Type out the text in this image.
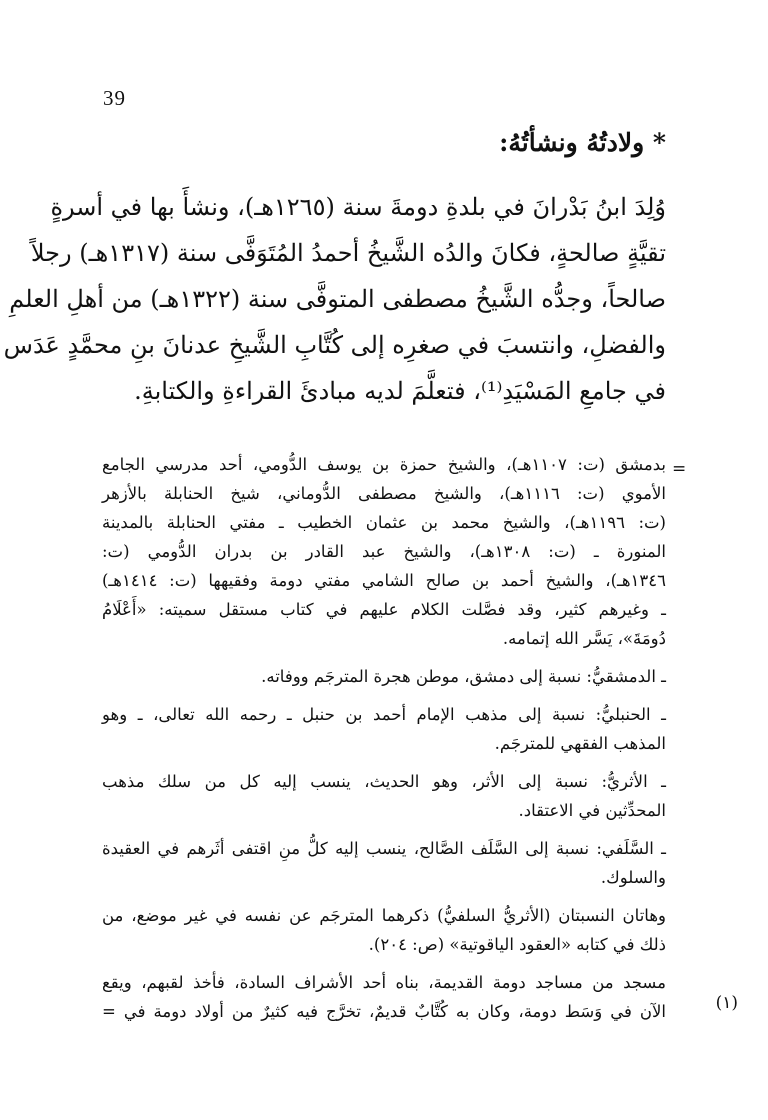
39
* ولادتُهُ ونشأتُهُ:
وُلِدَ ابنُ بَدْرانَ في بلدةِ دومةَ سنة (١٢٦٥هـ)، ونشأَ بها في أسرةٍ
تقيَّةٍ صالحةٍ، فكانَ والدُه الشَّيخُ أحمدُ المُتَوَفَّى سنة (١٣١٧هـ) رجلاً
صالحاً، وجدُّه الشَّيخُ مصطفى المتوفَّى سنة (١٣٢٢هـ) من أهلِ العلمِ
والفضلِ، وانتسبَ في صغرِه إلى كُتَّابِ الشَّيخِ عدنانَ بنِ محمَّدٍ عَدَس
في جامعِ المَسْيَدِ⁽¹⁾، فتعلَّمَ لديه مبادئَ القراءةِ والكتابةِ.
=
بدمشق (ت: ١١٠٧هـ)، والشيخ حمزة بن يوسف الدُّومي، أحد مدرسي الجامع
الأموي (ت: ١١١٦هـ)، والشيخ مصطفى الدُّوماني، شيخ الحنابلة بالأزهر
(ت: ١١٩٦هـ)، والشيخ محمد بن عثمان الخطيب ـ مفتي الحنابلة بالمدينة
المنورة ـ (ت: ١٣٠٨هـ)، والشيخ عبد القادر بن بدران الدُّومي (ت:
١٣٤٦هـ)، والشيخ أحمد بن صالح الشامي مفتي دومة وفقيهها (ت: ١٤١٤هـ)
ـ وغيرهم كثير، وقد فصَّلت الكلام عليهم في كتاب مستقل سميته: «أَعْلَامُ
دُومَةَ»، يَسَّر الله إتمامه.
ـ الدمشقيُّ: نسبة إلى دمشق، موطن هجرة المترجَم ووفاته.
ـ الحنبليُّ: نسبة إلى مذهب الإمام أحمد بن حنبل ـ رحمه الله تعالى، ـ وهو
المذهب الفقهي للمترجَم.
ـ الأثريُّ: نسبة إلى الأثر، وهو الحديث، ينسب إليه كل من سلك مذهب
المحدِّثين في الاعتقاد.
ـ السَّلَفي: نسبة إلى السَّلَف الصَّالح، ينسب إليه كلُّ منِ اقتفى أثَرهم في العقيدة
والسلوك.
وهاتان النسبتان (الأثريُّ السلفيُّ) ذكرهما المترجَم عن نفسه في غير موضع، من
ذلك في كتابه «العقود الياقوتية» (ص: ٢٠٤).
مسجد من مساجد دومة القديمة، بناه أحد الأشراف السادة، فأخذ لقبهم، ويقع
الآن في وَسَط دومة، وكان به كُتَّابٌ قديمٌ، تخرَّج فيه كثيرٌ من أولاد دومة في =	(١)
